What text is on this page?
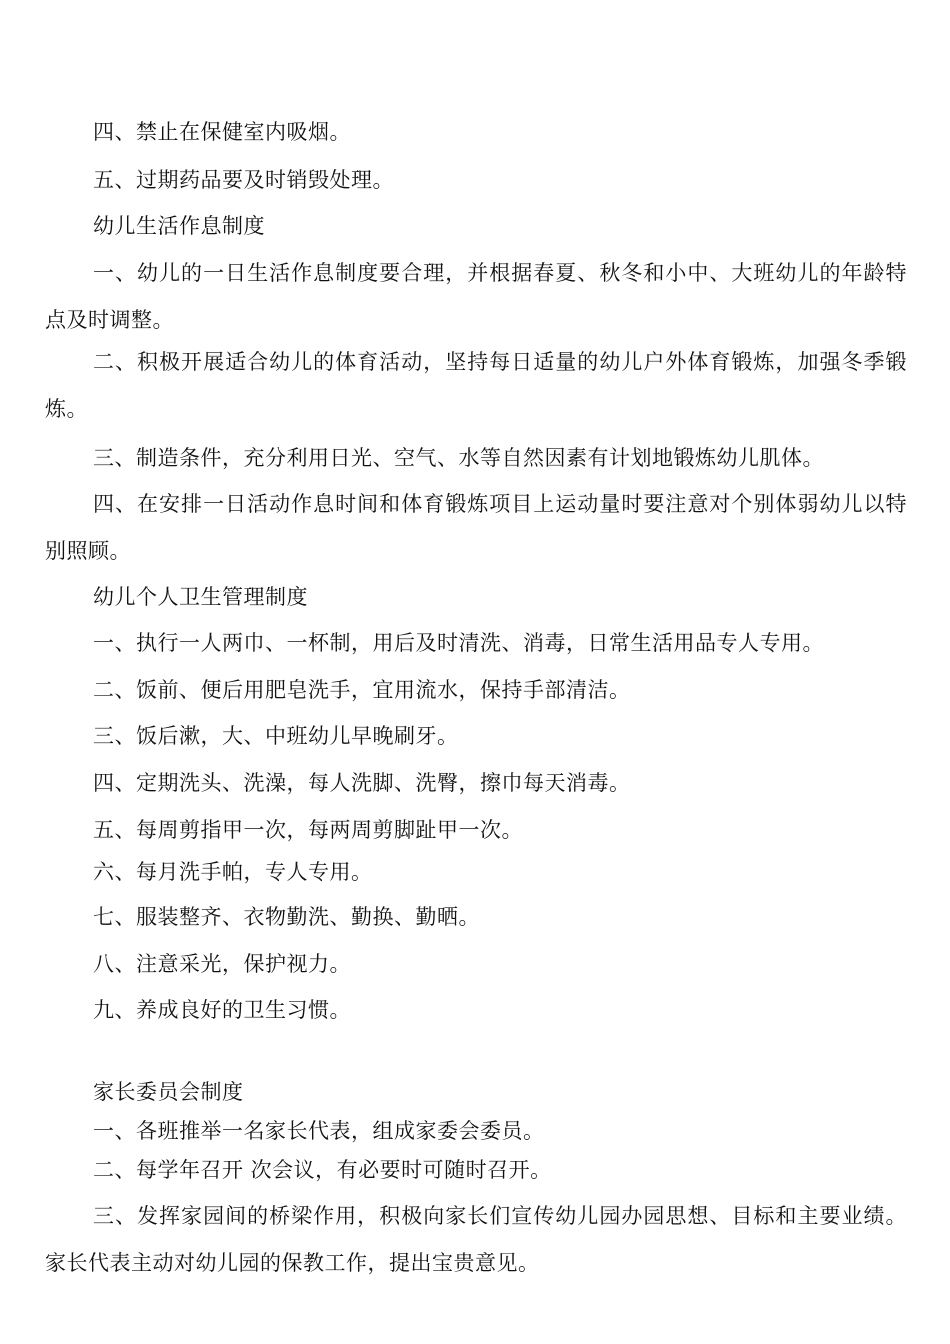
四、禁止在保健室内吸烟。

五、过期药品要及时销毁处理。

幼儿生活作息制度

一、幼儿的一日生活作息制度要合理，并根据春夏、秋冬和小中、大班幼儿的年龄特点及时调整。

二、积极开展适合幼儿的体育活动，坚持每日适量的幼儿户外体育锻炼，加强冬季锻炼。

三、制造条件，充分利用日光、空气、水等自然因素有计划地锻炼幼儿肌体。

四、在安排一日活动作息时间和体育锻炼项目上运动量时要注意对个别体弱幼儿以特别照顾。

幼儿个人卫生管理制度

一、执行一人两巾、一杯制，用后及时清洗、消毒，日常生活用品专人专用。

二、饭前、便后用肥皂洗手，宜用流水，保持手部清洁。

三、饭后漱，大、中班幼儿早晚刷牙。

四、定期洗头、洗澡，每人洗脚、洗臀，擦巾每天消毒。

五、每周剪指甲一次，每两周剪脚趾甲一次。

六、每月洗手帕，专人专用。

七、服装整齐、衣物勤洗、勤换、勤晒。

八、注意采光，保护视力。

九、养成良好的卫生习惯。

家长委员会制度

一、各班推举一名家长代表，组成家委会委员。

二、每学年召开 次会议，有必要时可随时召开。

三、发挥家园间的桥梁作用，积极向家长们宣传幼儿园办园思想、目标和主要业绩。家长代表主动对幼儿园的保教工作，提出宝贵意见。
